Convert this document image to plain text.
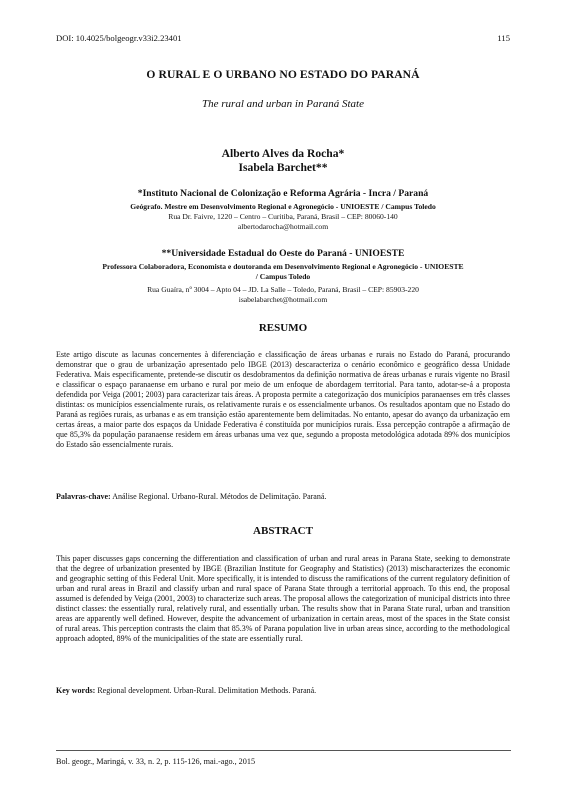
DOI: 10.4025/bolgeogr.v33i2.23401	115
O RURAL E O URBANO NO ESTADO DO PARANÁ
The rural and urban in Paraná State
Alberto Alves da Rocha*
Isabela Barchet**
*Instituto Nacional de Colonização e Reforma Agrária - Incra / Paraná
Geógrafo. Mestre em Desenvolvimento Regional e Agronegócio - UNIOESTE / Campus Toledo
Rua Dr. Faivre, 1220 – Centro – Curitiba, Paraná, Brasil – CEP: 80060-140
albertodarocha@hotmail.com
**Universidade Estadual do Oeste do Paraná - UNIOESTE
Professora Colaboradora, Economista e doutoranda em Desenvolvimento Regional e Agronegócio - UNIOESTE
/ Campus Toledo
Rua Guaíra, nº 3004 – Apto 04 – JD. La Salle – Toledo, Paraná, Brasil – CEP: 85903-220
isabelabarchet@hotmail.com
RESUMO
Este artigo discute as lacunas concernentes à diferenciação e classificação de áreas urbanas e rurais no Estado do Paraná, procurando demonstrar que o grau de urbanização apresentado pelo IBGE (2013) descaracteriza o cenário econômico e geográfico dessa Unidade Federativa. Mais especificamente, pretende-se discutir os desdobramentos da definição normativa de áreas urbanas e rurais vigente no Brasil e classificar o espaço paranaense em urbano e rural por meio de um enfoque de abordagem territorial. Para tanto, adotar-se-á a proposta defendida por Veiga (2001; 2003) para caracterizar tais áreas. A proposta permite a categorização dos municípios paranaenses em três classes distintas: os municípios essencialmente rurais, os relativamente rurais e os essencialmente urbanos. Os resultados apontam que no Estado do Paraná as regiões rurais, as urbanas e as em transição estão aparentemente bem delimitadas. No entanto, apesar do avanço da urbanização em certas áreas, a maior parte dos espaços da Unidade Federativa é constituída por municípios rurais. Essa percepção contrapõe a afirmação de que 85,3% da população paranaense residem em áreas urbanas uma vez que, segundo a proposta metodológica adotada 89% dos municípios do Estado são essencialmente rurais.
Palavras-chave: Análise Regional. Urbano-Rural. Métodos de Delimitação. Paraná.
ABSTRACT
This paper discusses gaps concerning the differentiation and classification of urban and rural areas in Parana State, seeking to demonstrate that the degree of urbanization presented by IBGE (Brazilian Institute for Geography and Statistics) (2013) mischaracterizes the economic and geographic setting of this Federal Unit. More specifically, it is intended to discuss the ramifications of the current regulatory definition of urban and rural areas in Brazil and classify urban and rural space of Parana State through a territorial approach. To this end, the proposal assumed is defended by Veiga (2001, 2003) to characterize such areas. The proposal allows the categorization of municipal districts into three distinct classes: the essentially rural, relatively rural, and essentially urban. The results show that in Parana State rural, urban and transition areas are apparently well defined. However, despite the advancement of urbanization in certain areas, most of the spaces in the State consist of rural areas. This perception contrasts the claim that 85.3% of Parana population live in urban areas since, according to the methodological approach adopted, 89% of the municipalities of the state are essentially rural.
Key words: Regional development. Urban-Rural. Delimitation Methods. Paraná.
Bol. geogr., Maringá, v. 33, n. 2, p. 115-126, mai.-ago., 2015
